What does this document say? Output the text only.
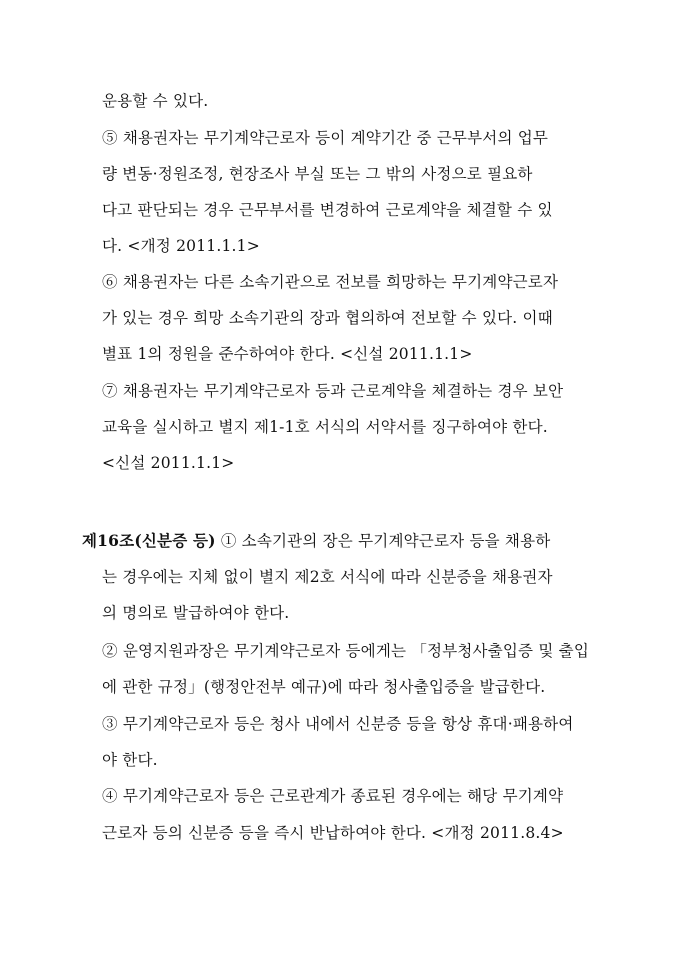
운용할 수 있다.
⑤ 채용권자는 무기계약근로자 등이 계약기간 중 근무부서의 업무
량 변동·정원조정, 현장조사 부실 또는 그 밖의 사정으로 필요하
다고 판단되는 경우 근무부서를 변경하여 근로계약을 체결할 수 있
다. <개정 2011.1.1>
⑥ 채용권자는 다른 소속기관으로 전보를 희망하는 무기계약근로자
가 있는 경우 희망 소속기관의 장과 협의하여 전보할 수 있다. 이때
별표 1의 정원을 준수하여야 한다. <신설 2011.1.1>
⑦ 채용권자는 무기계약근로자 등과 근로계약을 체결하는 경우 보안
교육을 실시하고 별지 제1-1호 서식의 서약서를 징구하여야 한다.
<신설 2011.1.1>
제16조(신분증 등) ① 소속기관의 장은 무기계약근로자 등을 채용하
는 경우에는 지체 없이 별지 제2호 서식에 따라 신분증을 채용권자
의 명의로 발급하여야 한다.
② 운영지원과장은 무기계약근로자 등에게는 「정부청사출입증 및 출입
에 관한 규정」(행정안전부 예규)에 따라 청사출입증을 발급한다.
③ 무기계약근로자 등은 청사 내에서 신분증 등을 항상 휴대·패용하여
야 한다.
④ 무기계약근로자 등은 근로관계가 종료된 경우에는 해당 무기계약
근로자 등의 신분증 등을 즉시 반납하여야 한다. <개정 2011.8.4>
